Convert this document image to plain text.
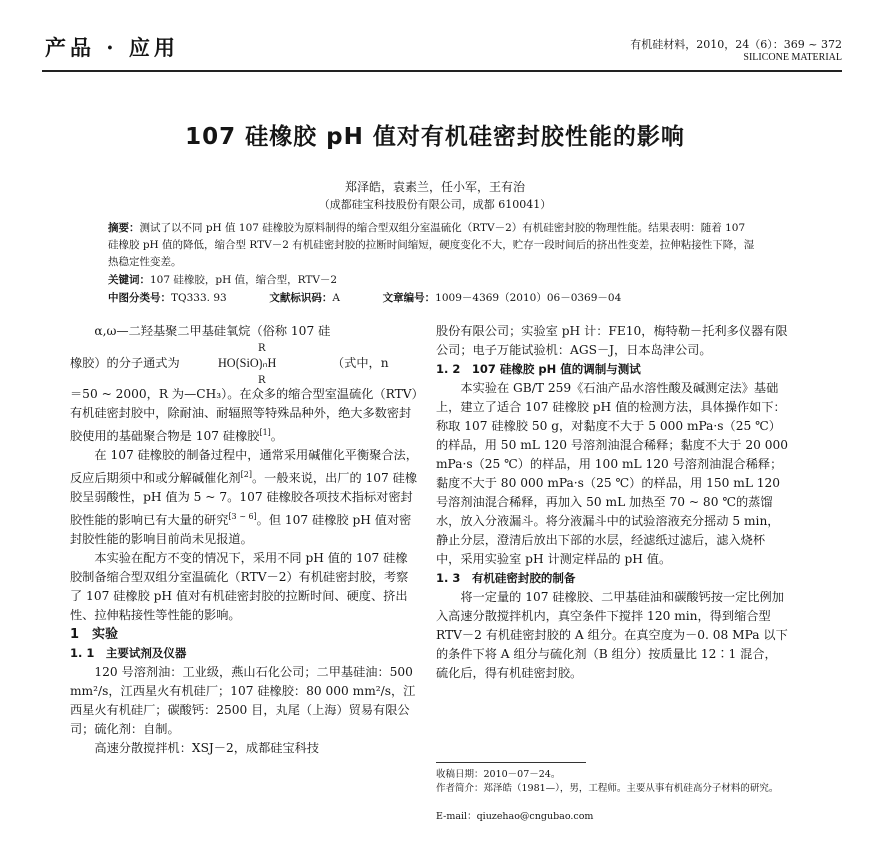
产品 · 应用	有机硅材料，2010，24（6）：369 ~ 372
SILICONE MATERIAL
107 硅橡胶 pH 值对有机硅密封胶性能的影响
郑泽皓，袁素兰，任小军，王有治
（成都硅宝科技股份有限公司，成都 610041）
摘要：测试了以不同 pH 值 107 硅橡胶为原料制得的缩合型双组分室温硫化（RTV－2）有机硅密封胶的物理性能。结果表明：随着 107 硅橡胶 pH 值的降低，缩合型 RTV－2 有机硅密封胶的拉断时间缩短，硬度变化不大，贮存一段时间后的挤出性变差，拉伸粘接性下降，湿热稳定性变差。
关键词：107 硅橡胶，pH 值，缩合型，RTV－2
中图分类号：TQ333. 93	文献标识码：A	文章编号：1009－4369（2010）06－0369－04

α,ω—二羟基聚二甲基硅氧烷（俗称 107 硅

橡胶）的分子通式为
R
HO⟮SiO⟯ₙH
R
（式中，n

＝50 ~ 2000，R 为—CH₃）。在众多的缩合型室温硫化（RTV）有机硅密封胶中，除耐油、耐辐照等特殊品种外，绝大多数密封胶使用的基础聚合物是 107 硅橡胶[1]。

在 107 硅橡胶的制备过程中，通常采用碱催化平衡聚合法，反应后期须中和或分解碱催化剂[2]。一般来说，出厂的 107 硅橡胶呈弱酸性，pH 值为 5 ~ 7。107 硅橡胶各项技术指标对密封胶性能的影响已有大量的研究[3 ~ 6]。但 107 硅橡胶 pH 值对密封胶性能的影响目前尚未见报道。

本实验在配方不变的情况下，采用不同 pH 值的 107 硅橡胶制备缩合型双组分室温硫化（RTV－2）有机硅密封胶，考察了 107 硅橡胶 pH 值对有机硅密封胶的拉断时间、硬度、挤出性、拉伸粘接性等性能的影响。

1　实验

1. 1　主要试剂及仪器

120 号溶剂油：工业级，燕山石化公司；二甲基硅油：500 mm²/s，江西星火有机硅厂；107 硅橡胶：80 000 mm²/s，江西星火有机硅厂；碳酸钙：2500 目，丸尾（上海）贸易有限公司；硫化剂：自制。

高速分散搅拌机：XSJ－2，成都硅宝科技

股份有限公司；实验室 pH 计：FE10，梅特勒－托利多仪器有限公司；电子万能试验机：AGS－J，日本岛津公司。

1. 2　107 硅橡胶 pH 值的调制与测试

本实验在 GB/T 259《石油产品水溶性酸及碱测定法》基础上，建立了适合 107 硅橡胶 pH 值的检测方法，具体操作如下：称取 107 硅橡胶 50 g，对黏度不大于 5 000 mPa·s（25 ℃）的样品，用 50 mL 120 号溶剂油混合稀释；黏度不大于 20 000 mPa·s（25 ℃）的样品，用 100 mL 120 号溶剂油混合稀释；黏度不大于 80 000 mPa·s（25 ℃）的样品，用 150 mL 120 号溶剂油混合稀释，再加入 50 mL 加热至 70 ~ 80 ℃的蒸馏水，放入分液漏斗。将分液漏斗中的试验溶液充分摇动 5 min，静止分层，澄清后放出下部的水层，经滤纸过滤后，滤入烧杯中，采用实验室 pH 计测定样品的 pH 值。

1. 3　有机硅密封胶的制备

将一定量的 107 硅橡胶、二甲基硅油和碳酸钙按一定比例加入高速分散搅拌机内，真空条件下搅拌 120 min，得到缩合型 RTV－2 有机硅密封胶的 A 组分。在真空度为－0. 08 MPa 以下的条件下将 A 组分与硫化剂（B 组分）按质量比 12∶1 混合，硫化后，得有机硅密封胶。

收稿日期：2010－07－24。
作者简介：郑泽皓（1981—），男，工程师。主要从事有机硅高分子材料的研究。
E-mail：qiuzehao@cngubao.com
